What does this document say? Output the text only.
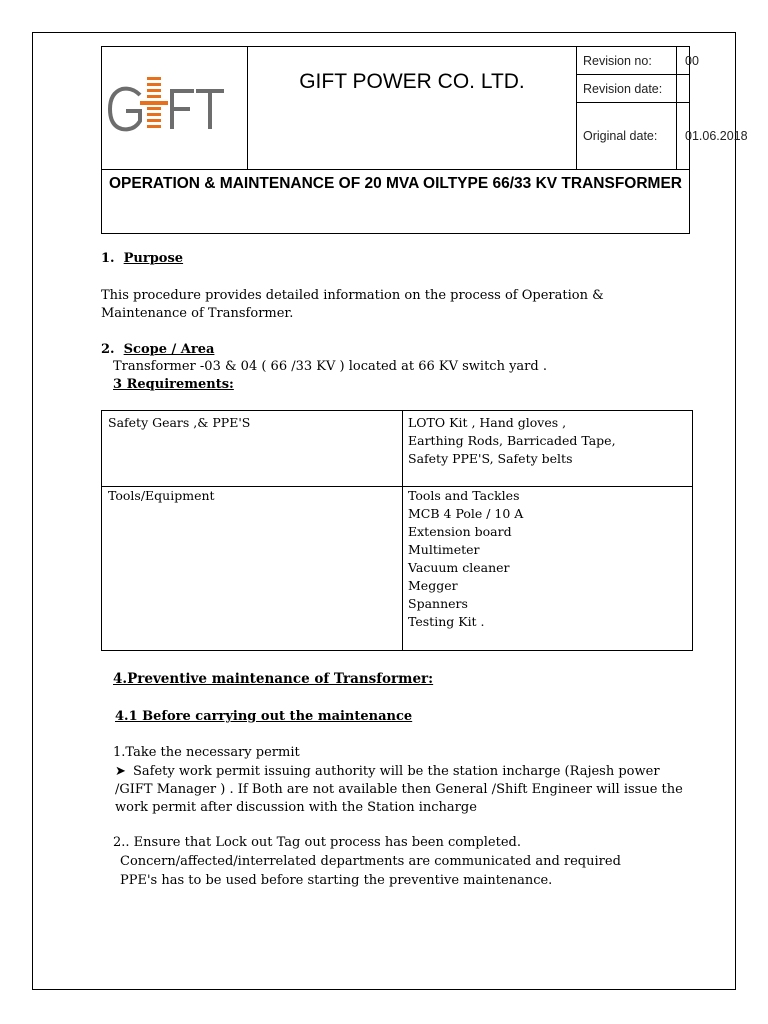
GIFT POWER CO. LTD.
Revision no:	00
Revision date:
Original date:	01.06.2018
OPERATION & MAINTENANCE OF 20 MVA OILTYPE 66/33 KV TRANSFORMER
1. Purpose
This procedure provides detailed information on the process of Operation & Maintenance of Transformer.
2. Scope / Area
Transformer -03 & 04 ( 66 /33 KV ) located at 66 KV switch yard .
3 Requirements:
Safety Gears ,& PPE'S	LOTO Kit , Hand gloves ,
Earthing Rods, Barricaded Tape,
Safety PPE'S, Safety belts
Tools/Equipment	Tools and Tackles
MCB 4 Pole / 10 A
Extension board
Multimeter
Vacuum cleaner
Megger
Spanners
Testing Kit .
4.Preventive maintenance of Transformer:
4.1 Before carrying out the maintenance
1.Take the necessary permit
➤ Safety work permit issuing authority will be the station incharge (Rajesh power /GIFT Manager ) . If Both are not available then General /Shift Engineer will issue the work permit after discussion with the Station incharge
2.. Ensure that Lock out Tag out process has been completed.
Concern/affected/interrelated departments are communicated and required
PPE's has to be used before starting the preventive maintenance.
